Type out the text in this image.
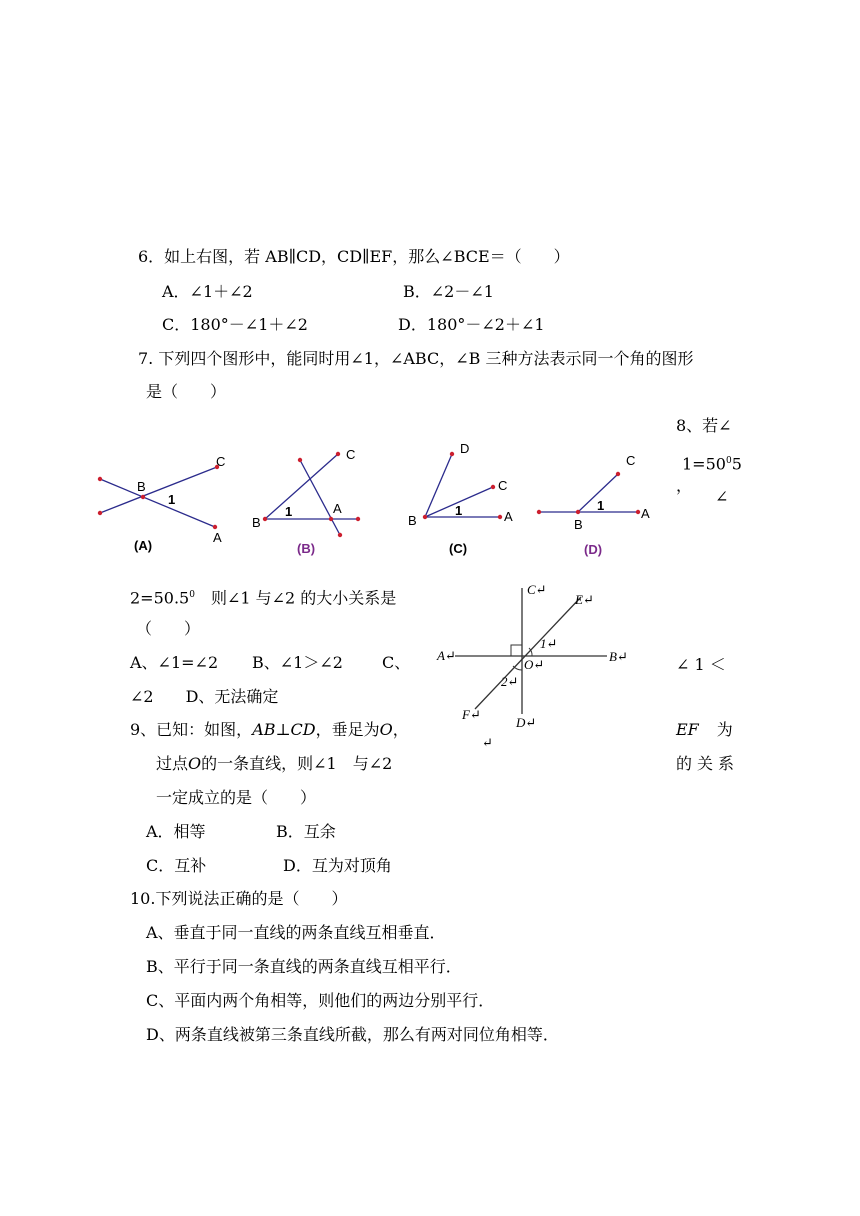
6．如上右图，若 AB∥CD，CD∥EF，那么∠BCE＝（　　）
A．∠1＋∠2	B．∠2－∠1
C．180°－∠1＋∠2	D．180°－∠2＋∠1
7. 下列四个图形中，能同时用∠1，∠ABC，∠B 三种方法表示同一个角的图形
是（　　）
B
C
A
1
(A)
C
B
A
1
(B)
D
C
B	A
1
(C)
C
B
A
1
(D)
8、若∠
$1=50^05$
，
∠
$2=50.5^0$　则∠1 与∠2 的大小关系是
（　　）
A、∠1=∠2 B、∠1＞∠2 C、	∠ 1 ＜
∠2　　D、无法确定
9、已知：如图，AB⊥CD，垂足为O，	EF 为
过点O的一条直线，则∠1　与∠2	的关系
一定成立的是（　　）
A．相等	B．互余
C．互补	D．互为对顶角
C↵
E↵
A↵	B↵
O↵
1↵
2↵
F↵
D↵
↵
10.下列说法正确的是（　　）
A、垂直于同一直线的两条直线互相垂直．
B、平行于同一条直线的两条直线互相平行．
C、平面内两个角相等，则他们的两边分别平行．
D、两条直线被第三条直线所截，那么有两对同位角相等．
